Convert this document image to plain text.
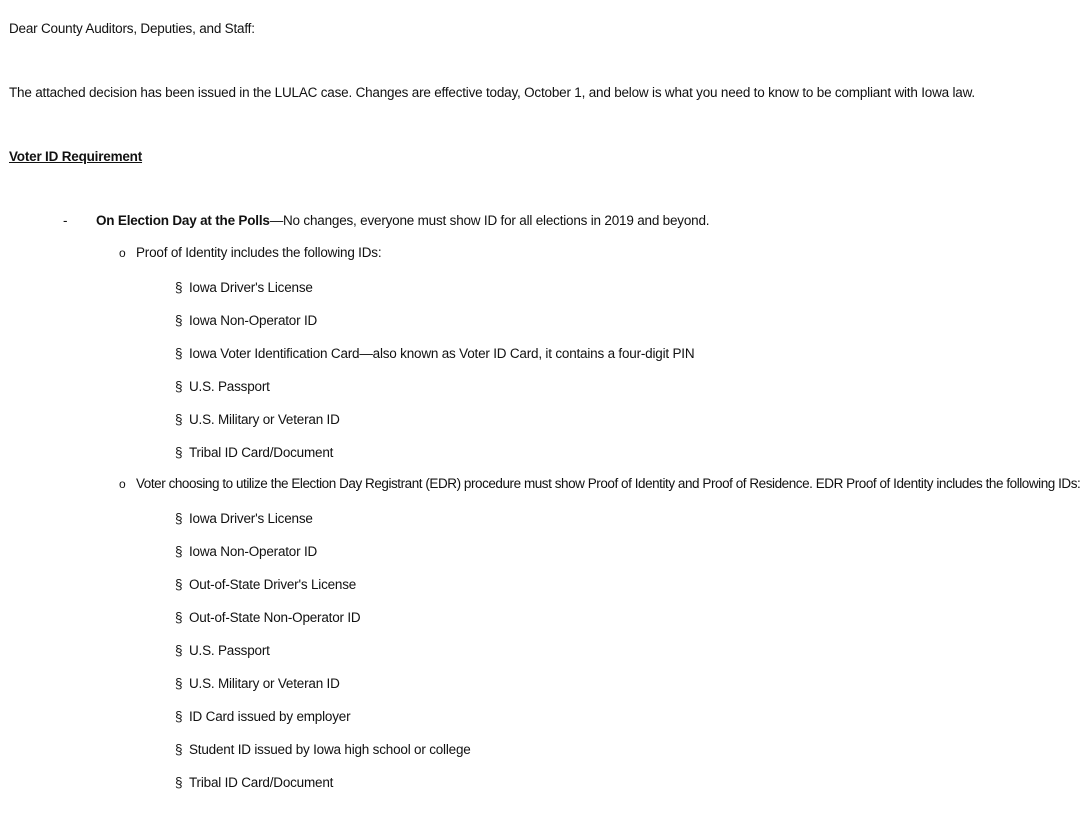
Dear County Auditors, Deputies, and Staff:
The attached decision has been issued in the LULAC case. Changes are effective today, October 1, and below is what you need to know to be compliant with Iowa law.
Voter ID Requirement
- On Election Day at the Polls—No changes, everyone must show ID for all elections in 2019 and beyond.
o Proof of Identity includes the following IDs:
§ Iowa Driver's License
§ Iowa Non-Operator ID
§ Iowa Voter Identification Card—also known as Voter ID Card, it contains a four-digit PIN
§ U.S. Passport
§ U.S. Military or Veteran ID
§ Tribal ID Card/Document
o Voter choosing to utilize the Election Day Registrant (EDR) procedure must show Proof of Identity and Proof of Residence. EDR Proof of Identity includes the following IDs:
§ Iowa Driver's License
§ Iowa Non-Operator ID
§ Out-of-State Driver's License
§ Out-of-State Non-Operator ID
§ U.S. Passport
§ U.S. Military or Veteran ID
§ ID Card issued by employer
§ Student ID issued by Iowa high school or college
§ Tribal ID Card/Document
